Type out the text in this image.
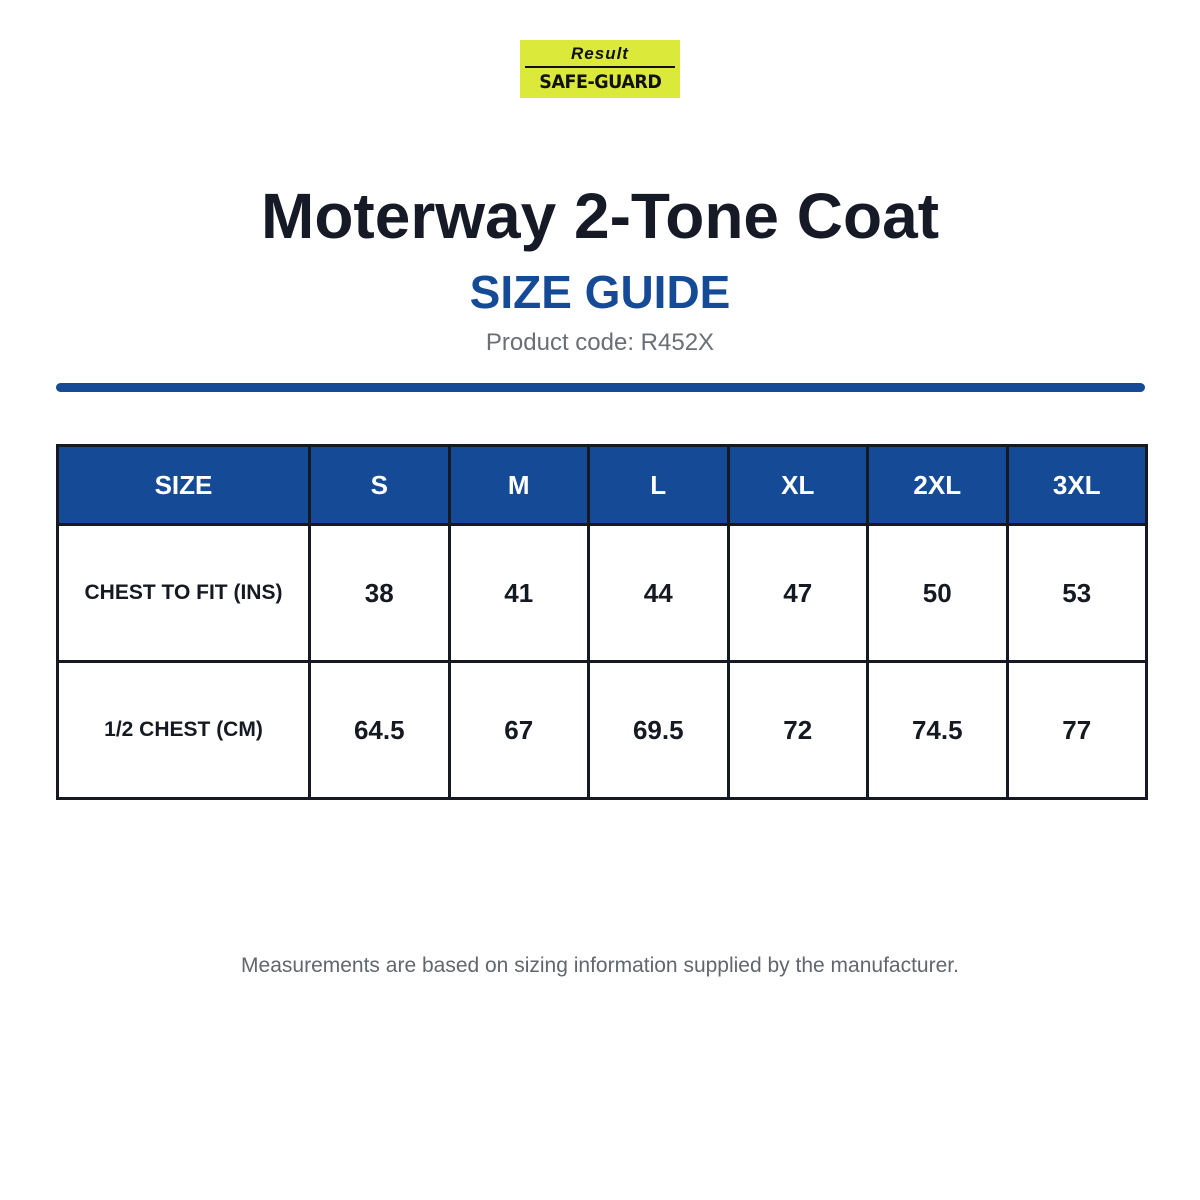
Result
SAFE-GUARD
Moterway 2-Tone Coat
SIZE GUIDE
Product code: R452X
SIZE	S	M	L	XL	2XL	3XL
CHEST TO FIT (INS)	38	41	44	47	50	53
1/2 CHEST (CM)	64.5	67	69.5	72	74.5	77
Measurements are based on sizing information supplied by the manufacturer.
